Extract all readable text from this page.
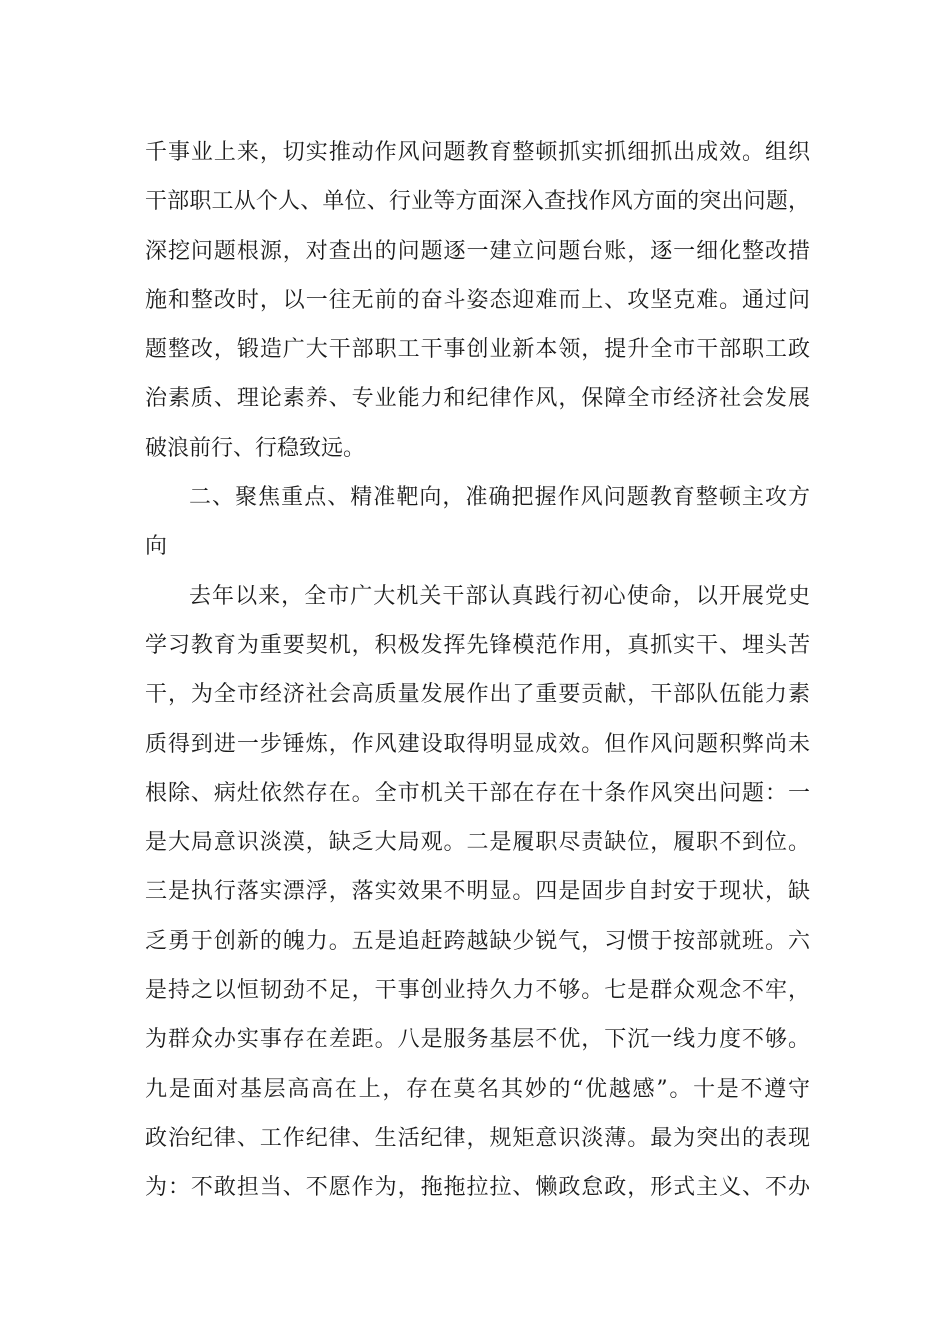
千事业上来，切实推动作风问题教育整顿抓实抓细抓出成效。组织
干部职工从个人、单位、行业等方面深入查找作风方面的突出问题，
深挖问题根源，对查出的问题逐一建立问题台账，逐一细化整改措
施和整改时，以一往无前的奋斗姿态迎难而上、攻坚克难。通过问
题整改，锻造广大干部职工干事创业新本领，提升全市干部职工政
治素质、理论素养、专业能力和纪律作风，保障全市经济社会发展
破浪前行、行稳致远。
二、聚焦重点、精准靶向，准确把握作风问题教育整顿主攻方
向
去年以来，全市广大机关干部认真践行初心使命，以开展党史
学习教育为重要契机，积极发挥先锋模范作用，真抓实干、埋头苦
干，为全市经济社会高质量发展作出了重要贡献，干部队伍能力素
质得到进一步锤炼，作风建设取得明显成效。但作风问题积弊尚未
根除、病灶依然存在。全市机关干部在存在十条作风突出问题：一
是大局意识淡漠，缺乏大局观。二是履职尽责缺位，履职不到位。
三是执行落实漂浮，落实效果不明显。四是固步自封安于现状，缺
乏勇于创新的魄力。五是追赶跨越缺少锐气，习惯于按部就班。六
是持之以恒韧劲不足，干事创业持久力不够。七是群众观念不牢，
为群众办实事存在差距。八是服务基层不优，下沉一线力度不够。
九是面对基层高高在上，存在莫名其妙的“优越感”。十是不遵守
政治纪律、工作纪律、生活纪律，规矩意识淡薄。最为突出的表现
为：不敢担当、不愿作为，拖拖拉拉、懒政怠政，形式主义、不办
